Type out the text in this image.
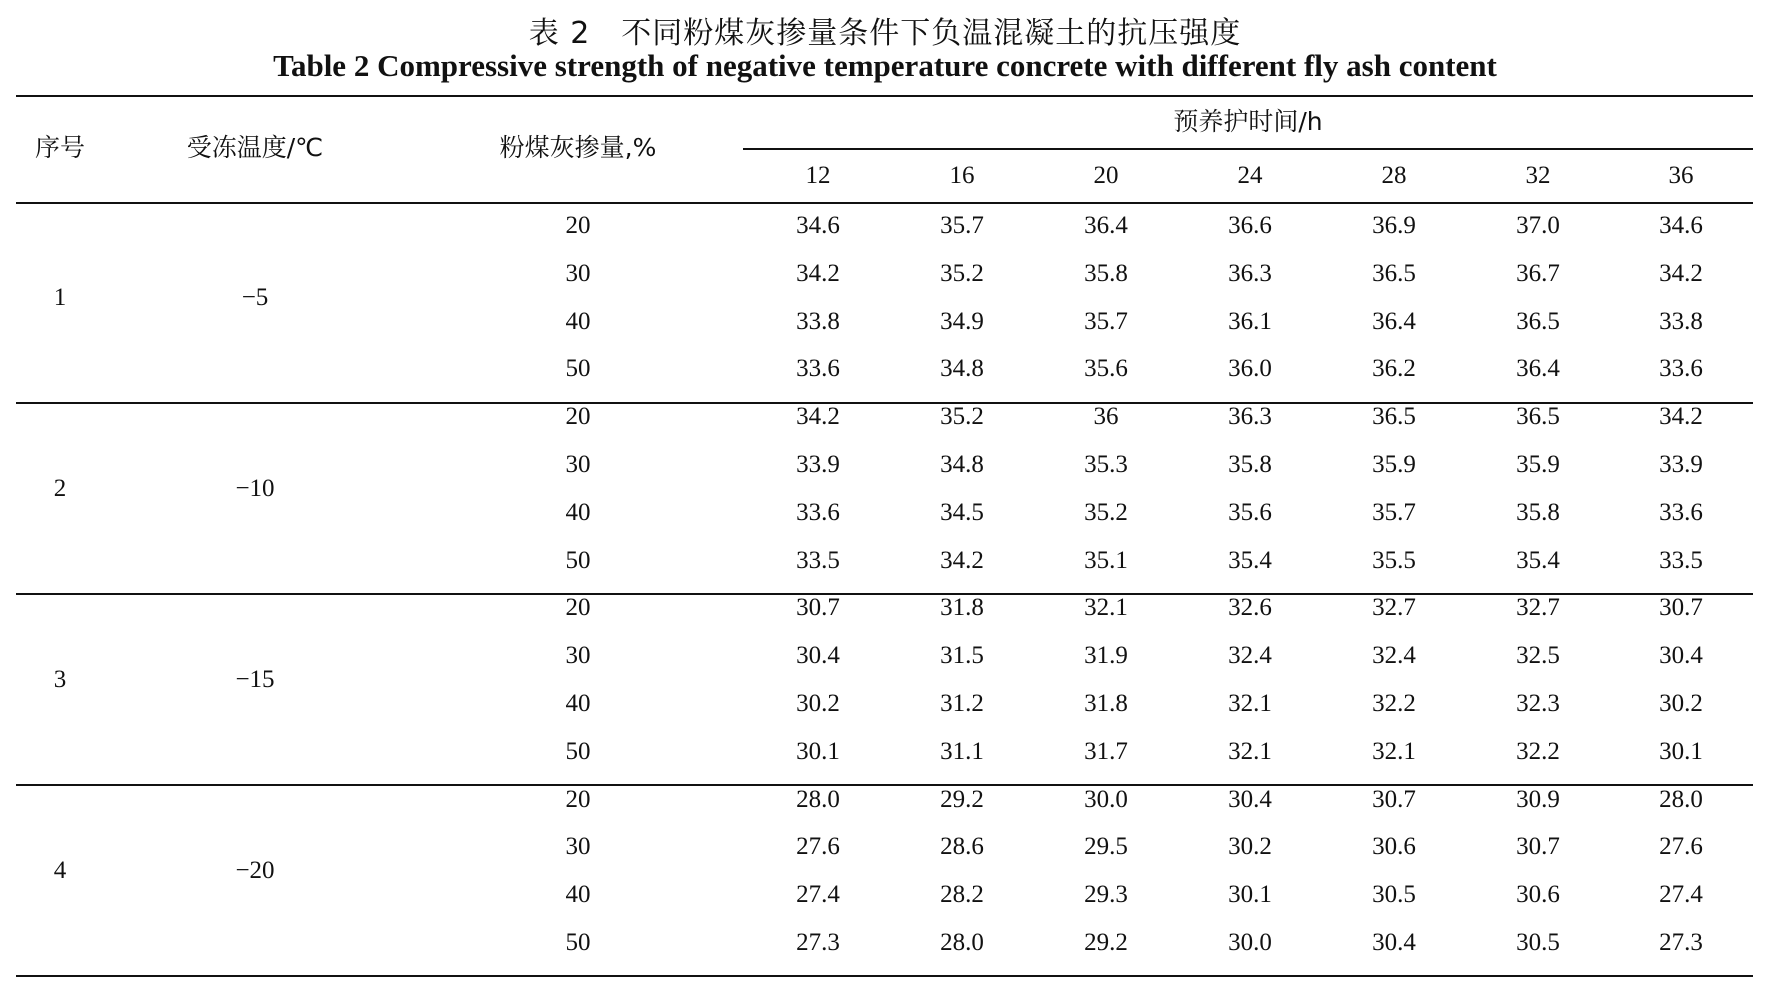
表 2　不同粉煤灰掺量条件下负温混凝土的抗压强度
Table 2 Compressive strength of negative temperature concrete with different fly ash content
序号	受冻温度/℃	粉煤灰掺量,%
预养护时间/h
12	16	20	24	28	32	36
1	−5
20	34.6	35.7	36.4	36.6	36.9	37.0	34.6
30	34.2	35.2	35.8	36.3	36.5	36.7	34.2
40	33.8	34.9	35.7	36.1	36.4	36.5	33.8
50	33.6	34.8	35.6	36.0	36.2	36.4	33.6
2	−10
20	34.2	35.2	36	36.3	36.5	36.5	34.2
30	33.9	34.8	35.3	35.8	35.9	35.9	33.9
40	33.6	34.5	35.2	35.6	35.7	35.8	33.6
50	33.5	34.2	35.1	35.4	35.5	35.4	33.5
3	−15
20	30.7	31.8	32.1	32.6	32.7	32.7	30.7
30	30.4	31.5	31.9	32.4	32.4	32.5	30.4
40	30.2	31.2	31.8	32.1	32.2	32.3	30.2
50	30.1	31.1	31.7	32.1	32.1	32.2	30.1
4	−20
20	28.0	29.2	30.0	30.4	30.7	30.9	28.0
30	27.6	28.6	29.5	30.2	30.6	30.7	27.6
40	27.4	28.2	29.3	30.1	30.5	30.6	27.4
50	27.3	28.0	29.2	30.0	30.4	30.5	27.3
